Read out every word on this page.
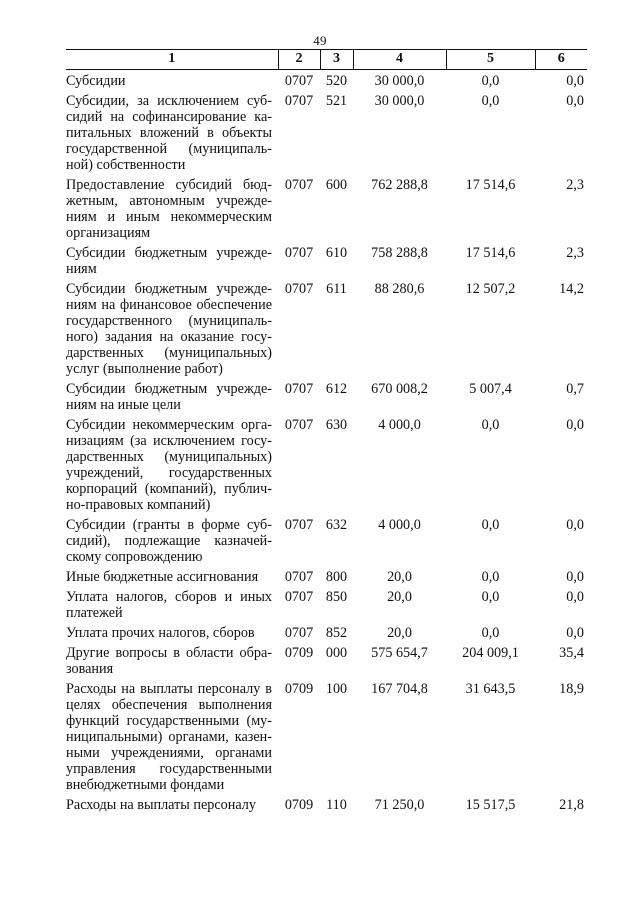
49
1	2	3	4	5	6
Субсидии	0707	520	30 000,0	0,0	0,0
Субсидии, за исключением суб-сидий на софинансирование ка-питальных вложений в объекты государственной (муниципаль-ной) собственности	0707	521	30 000,0	0,0	0,0
Предоставление субсидий бюд-жетным, автономным учрежде-ниям и иным некоммерческим организациям	0707	600	762 288,8	17 514,6	2,3
Субсидии бюджетным учрежде-ниям	0707	610	758 288,8	17 514,6	2,3
Субсидии бюджетным учрежде-ниям на финансовое обеспечение государственного (муниципаль-ного) задания на оказание госу-дарственных (муниципальных) услуг (выполнение работ)	0707	611	88 280,6	12 507,2	14,2
Субсидии бюджетным учрежде-ниям на иные цели	0707	612	670 008,2	5 007,4	0,7
Субсидии некоммерческим орга-низациям (за исключением госу-дарственных (муниципальных) учреждений, государственных корпораций (компаний), публич-но-правовых компаний)	0707	630	4 000,0	0,0	0,0
Субсидии (гранты в форме суб-сидий), подлежащие казначей-скому сопровождению	0707	632	4 000,0	0,0	0,0
Иные бюджетные ассигнования	0707	800	20,0	0,0	0,0
Уплата налогов, сборов и иных платежей	0707	850	20,0	0,0	0,0
Уплата прочих налогов, сборов	0707	852	20,0	0,0	0,0
Другие вопросы в области обра-зования	0709	000	575 654,7	204 009,1	35,4
Расходы на выплаты персоналу в целях обеспечения выполнения функций государственными (му-ниципальными) органами, казен-ными учреждениями, органами управления государственными внебюджетными фондами	0709	100	167 704,8	31 643,5	18,9
Расходы на выплаты персоналу	0709	110	71 250,0	15 517,5	21,8
